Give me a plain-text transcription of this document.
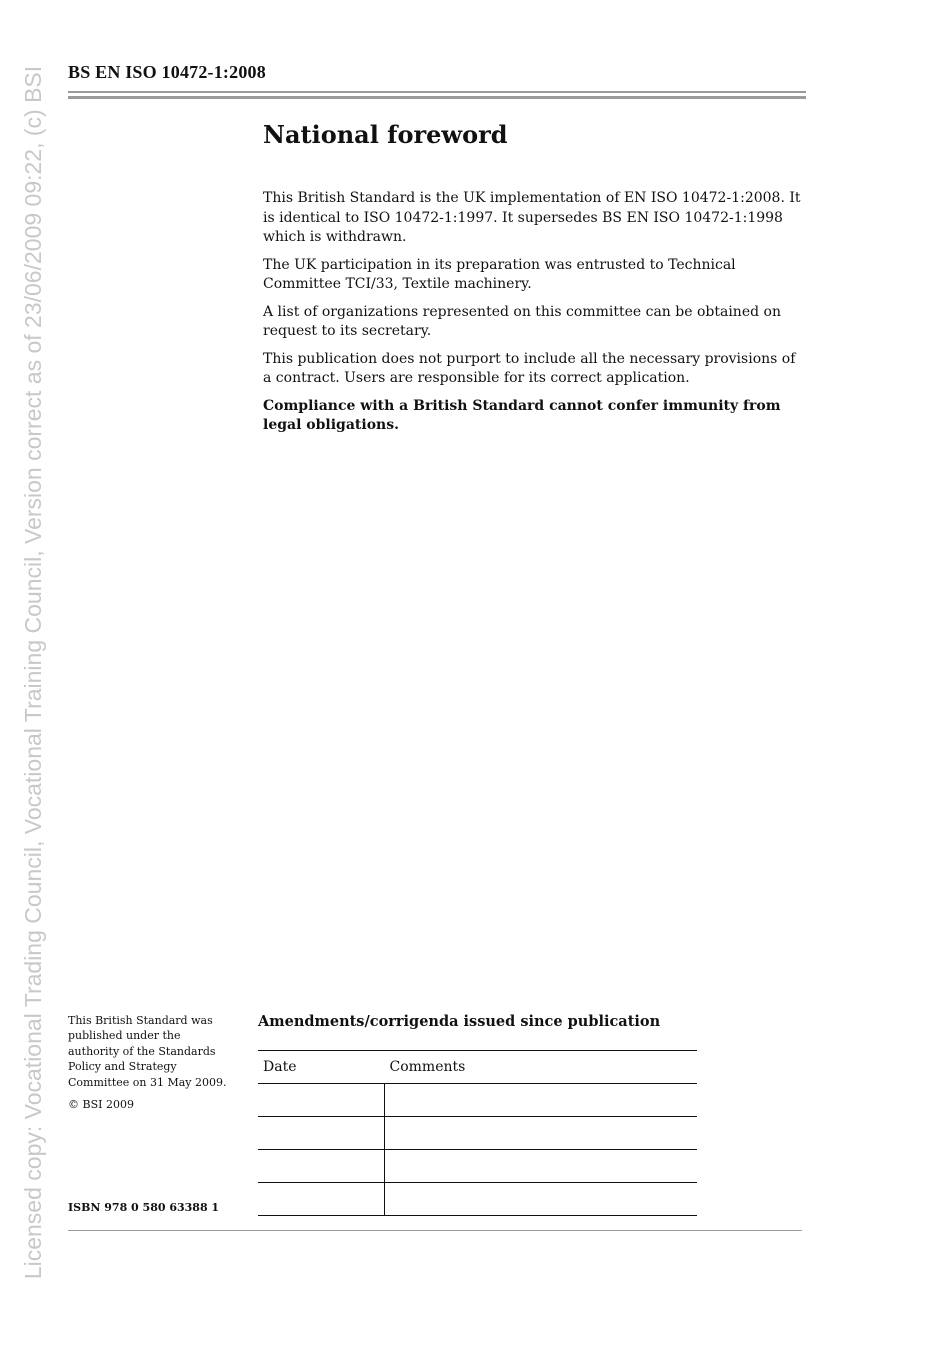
Licensed copy: Vocational Trading Council, Vocational Training Council, Version correct as of 23/06/2009 09:22, (c) BSI BS EN ISO 10472-1:2008
National foreword

This British Standard is the UK implementation of EN ISO 10472-1:2008. It is identical to ISO 10472-1:1997. It supersedes BS EN ISO 10472-1:1998 which is withdrawn.

The UK participation in its preparation was entrusted to Technical Committee TCI/33, Textile machinery.

A list of organizations represented on this committee can be obtained on request to its secretary.

This publication does not purport to include all the necessary provisions of a contract. Users are responsible for its correct application.

Compliance with a British Standard cannot confer immunity from legal obligations.

This British Standard was published under the authority of the Standards Policy and Strategy Committee on 31 May 2009.

© BSI 2009

ISBN 978 0 580 63388 1
Amendments/corrigenda issued since publication
Date	Comments
